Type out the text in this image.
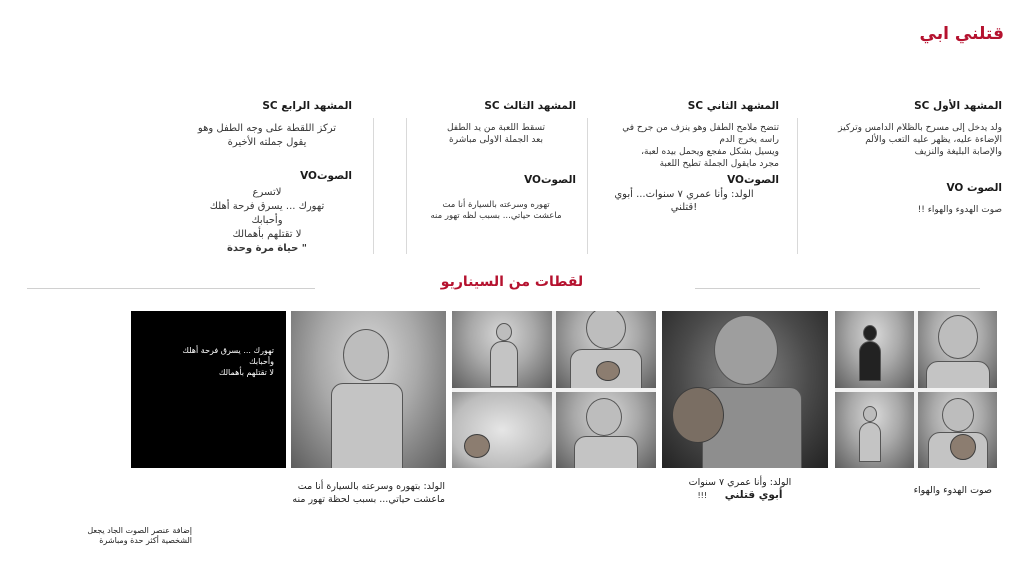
قتلني ابي
المشهد الأول SC
ولد يدخل إلى مسرح بالظلام الدامس وتركيز
الإضاءة عليه، يظهر عليه التعب والألم
والإصابة البليغة والنزيف
الصوت VO
صوت الهدوء والهواء !!
المشهد الثاني SC
تتضح ملامح الطفل وهو ينزف من جرح في
راسه يخرج الدم
ويسيل بشكل مفجع ويحمل بيده لعبة،
مجرد مايقول الجملة تطيح اللعبة
الصوتVO
الولد: وأنا عمري ٧ سنوات... أبوي
!قتلني
المشهد الثالث SC
تسقط اللعبة من يد الطفل
بعد الجملة الاولى مباشرة
الصوتVO
تهوره وسرعته بالسيارة أنا مت
ماعشت حياتي... بسبب لظه تهور منه
المشهد الرابع SC
تركز اللقطة على وجه الطفل وهو
يقول جملته الأخيرة
الصوتVO
لاتسرع
تهورك ... يسرق فرحة أهلك
وأحبابك
لا تقتلهم بأهمالك
" حياة مرة وحدة
لقطات من السيناريو
تهورك ... يسرق فرحة أهلك
وأحبابك
لا تقتلهم بأهمالك
صوت الهدوء والهواء
الولد: وأنا عمري ٧ سنوات
أبوي قتلني !!!
الولد: بتهوره وسرعته بالسيارة أنا مت
ماعشت حياتي... بسبب لحظة تهور منه
إضافة عنصر الصوت الجاد يجعل
الشخصية أكثر حدة ومباشرة
